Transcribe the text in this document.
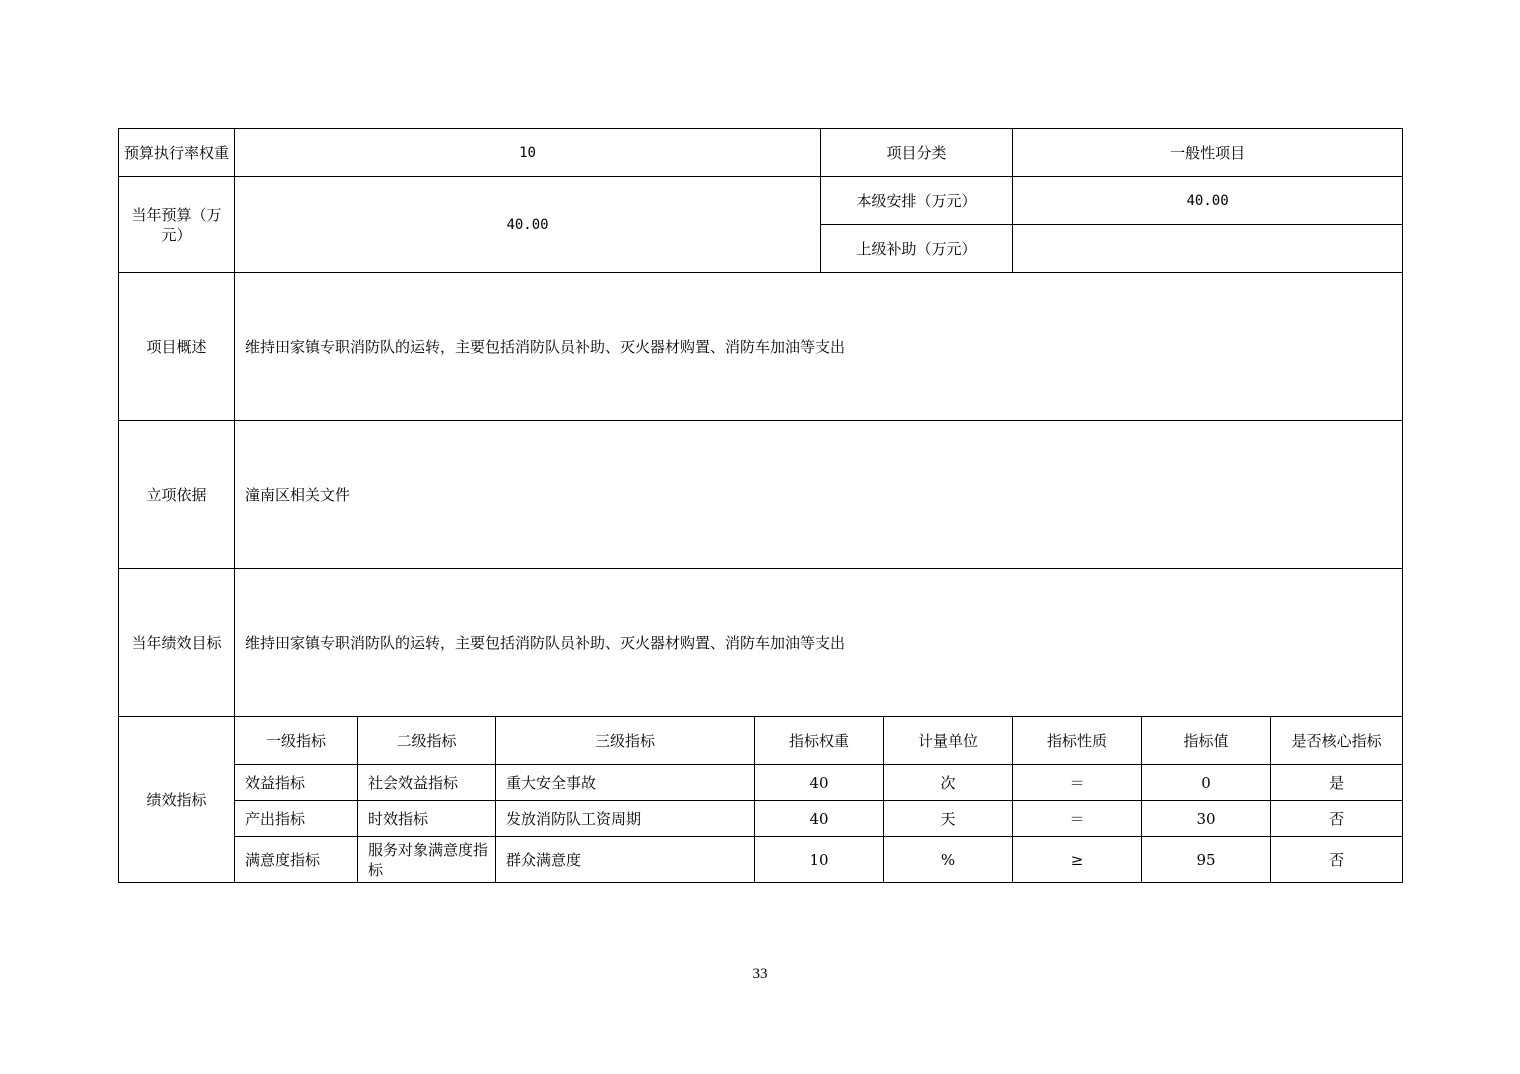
预算执行率权重	10				项目分类		一般性项目		
当年预算（万元）	40.00				本级安排（万元）		40.00		
					上级补助（万元）				
项目概述	维持田家镇专职消防队的运转，主要包括消防队员补助、灭火器材购置、消防车加油等支出								
立项依据	潼南区相关文件								
当年绩效目标	维持田家镇专职消防队的运转，主要包括消防队员补助、灭火器材购置、消防车加油等支出								
绩效指标	一级指标	二级指标	三级指标	指标权重		计量单位	指标性质	指标值	是否核心指标
	效益指标	社会效益指标	重大安全事故	40		次	＝	0	是
	产出指标	时效指标	发放消防队工资周期	40		天	＝	30	否
	满意度指标	服务对象满意度指标	群众满意度	10		%	≥	95	否
33
